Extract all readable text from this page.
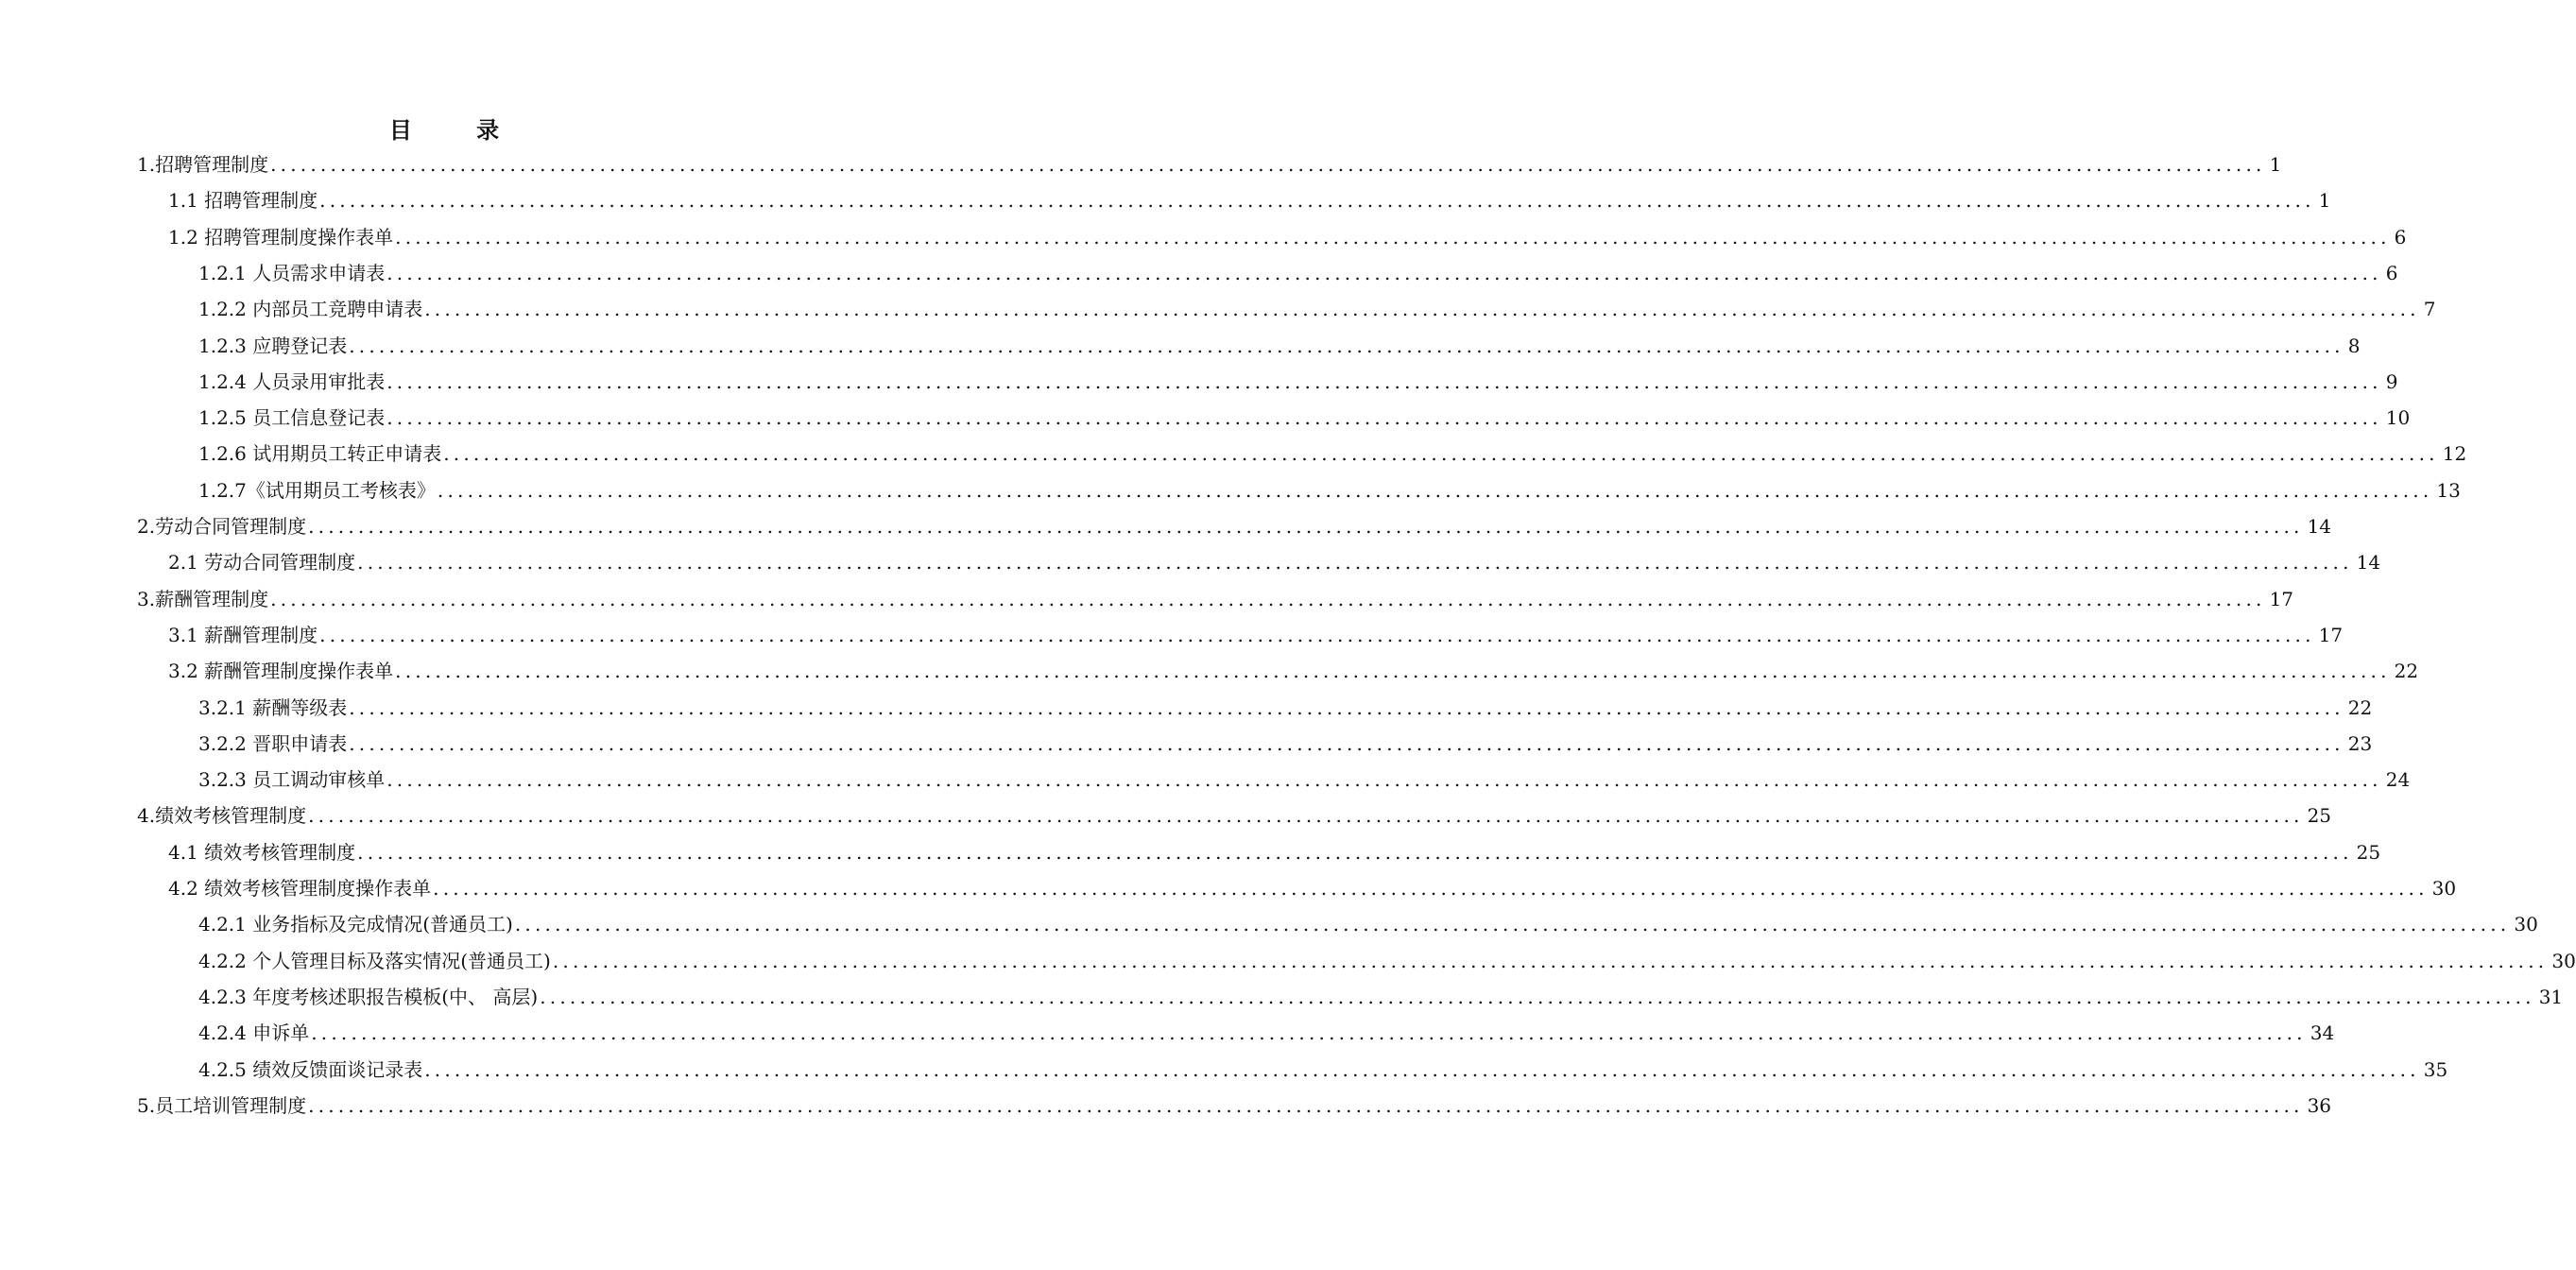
目 录
1.招聘管理制度 ........................................................................................................................................................................................................ 1
1.1 招聘管理制度 ........................................................................................................................................................................................................ 1
1.2 招聘管理制度操作表单 ........................................................................................................................................................................................................ 6
1.2.1 人员需求申请表 ........................................................................................................................................................................................................ 6
1.2.2 内部员工竞聘申请表 ........................................................................................................................................................................................................ 7
1.2.3 应聘登记表 ........................................................................................................................................................................................................ 8
1.2.4 人员录用审批表 ........................................................................................................................................................................................................ 9
1.2.5 员工信息登记表 ........................................................................................................................................................................................................ 10
1.2.6 试用期员工转正申请表 ........................................................................................................................................................................................................ 12
1.2.7《试用期员工考核表》 ........................................................................................................................................................................................................ 13
2.劳动合同管理制度 ........................................................................................................................................................................................................ 14
2.1 劳动合同管理制度 ........................................................................................................................................................................................................ 14
3.薪酬管理制度 ........................................................................................................................................................................................................ 17
3.1 薪酬管理制度 ........................................................................................................................................................................................................ 17
3.2 薪酬管理制度操作表单 ........................................................................................................................................................................................................ 22
3.2.1 薪酬等级表 ........................................................................................................................................................................................................ 22
3.2.2 晋职申请表 ........................................................................................................................................................................................................ 23
3.2.3 员工调动审核单 ........................................................................................................................................................................................................ 24
4.绩效考核管理制度 ........................................................................................................................................................................................................ 25
4.1 绩效考核管理制度 ........................................................................................................................................................................................................ 25
4.2 绩效考核管理制度操作表单 ........................................................................................................................................................................................................ 30
4.2.1 业务指标及完成情况(普通员工) ........................................................................................................................................................................................................ 30
4.2.2 个人管理目标及落实情况(普通员工) ........................................................................................................................................................................................................ 30
4.2.3 年度考核述职报告模板(中、 高层) ........................................................................................................................................................................................................ 31
4.2.4 申诉单 ........................................................................................................................................................................................................ 34
4.2.5 绩效反馈面谈记录表 ........................................................................................................................................................................................................ 35
5.员工培训管理制度 ........................................................................................................................................................................................................ 36
